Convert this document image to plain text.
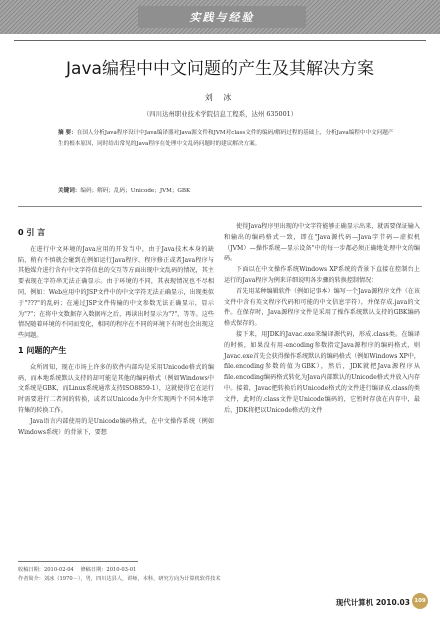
实践与经验
Java编程中中文问题的产生及其解决方案
刘 冰
（四川达州职业技术学院信息工程系，达州 635001）
摘 要：在国人分析Java程序设计中Java编译器对Java源文件和JVM对class文件的编码/解码过程的基础上，分析Java编程中中文问题产生的根本原因，同时给出常见的Java程序在处理中文乱码问题时的建议解决方案。
关键词：编码；解码；乱码；Unicode；JVM；GBK
0 引 言

在进行中文环境的Java应用的开发当中，由于Java技术本身的缺陷，稍有不慎就会碰到在例如运行Java程序、程序修正或者Java程序与其他媒介进行含有中文字符信息的交互等方面出现中文乱码的情况，其主要表现在字符串无法正确显示。由于环境的不同，其表现情况也不尽相同，例如：Web应用中的JSP文件中的中文字符无法正确显示，出现类似于"???"的乱码；在通过JSP文件传输的中文参数无法正确显示，显示为"?"；在将中文数据存入数据库之后，再读出时显示为"?"，等等。这些情况随着环境的不同而变化，相同的程序在不同的环境下有时也会出现这些问题。

1 问题的产生

众所周知，现在市场上许多的软件内部均是采用Unicode格式的编码，而本地系统默认支持的却可能是其他的编码格式（例如Windows中文系统是GBK，而Linux系统通常支持ISO8859-1），这就使得它在运行时需要进行二者间的转换，或者以Unicode为中介实现两个不同本地字符集的转换工作。

Java语言内部使用的是Unicode编码格式，在中文操作系统（例如Windows系统）的背景下，要想

使得Java程序里出现的中文字符能够正确显示出来，就需要保证输入和输出的编码格式一致，即在"Java源代码—Java字节码—虚拟机（JVM）—操作系统—显示设备"中的每一步都必须正确地处理中文的编码。

下面以在中文操作系统Windows XP系统的背景下直接在控制台上运行的Java程序为例来详细说明各步骤的转换控制情况：

首先用某种编辑软件（例如记事本）编写一个Java源程序文件（在该文件中含有英文程序代码和可能的中文信息字符），并保存成.java的文件。在保存时，Java源程序文件是采用了操作系统默认支持的GBK编码格式保存的。

接下来，用JDK的Javac.exe来编译源代码，形成.class类。在编译的时候，如果没有用-encoding参数指定Java源程序的编码格式，则Javac.exe首先会获得操作系统默认的编码格式（例如Windows XP中，file.encoding参数的值为GBK），然后，JDK就把Java源程序从file.encoding编码格式转化为Java内部默认的Unicode格式并放入内存中。接着，Javac把转换后的Unicode格式的文件进行编译成.class的类文件，此时的.class文件是Unicode编码的，它暂时存放在内存中，最后，JDK将把以Unicode格式的文件

收稿日期：2010-02-04 修稿日期：2010-03-01
作者简介：刘冰（1970－），男，四川达县人，讲师，本科，研究方向为计算机软件技术
现代计算机 2010.03 109
